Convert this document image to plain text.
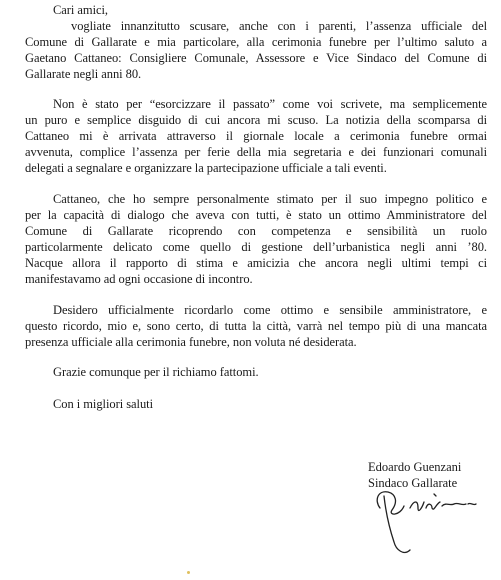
Cari amici,
vogliate innanzitutto scusare, anche con i parenti, l’assenza ufficiale del
Comune di Gallarate e mia particolare, alla cerimonia funebre per l’ultimo saluto a
Gaetano Cattaneo: Consigliere Comunale, Assessore e Vice Sindaco del Comune di
Gallarate negli anni 80.
Non è stato per “esorcizzare il passato” come voi scrivete, ma semplicemente
un puro e semplice disguido di cui ancora mi scuso. La notizia della scomparsa di
Cattaneo mi è arrivata attraverso il giornale locale a cerimonia funebre ormai
avvenuta, complice l’assenza per ferie della mia segretaria e dei funzionari comunali
delegati a segnalare e organizzare la partecipazione ufficiale a tali eventi.
Cattaneo, che ho sempre personalmente stimato per il suo impegno politico e
per la capacità di dialogo che aveva con tutti, è stato un ottimo Amministratore del
Comune di Gallarate ricoprendo con competenza e sensibilità un ruolo
particolarmente delicato come quello di gestione dell’urbanistica negli anni ’80.
Nacque allora il rapporto di stima e amicizia che ancora negli ultimi tempi ci
manifestavamo ad ogni occasione di incontro.
Desidero ufficialmente ricordarlo come ottimo e sensibile amministratore, e
questo ricordo, mio e, sono certo, di tutta la città, varrà nel tempo più di una mancata
presenza ufficiale alla cerimonia funebre, non voluta né desiderata.
Grazie comunque per il richiamo fattomi.
Con i migliori saluti
Edoardo Guenzani
Sindaco Gallarate
